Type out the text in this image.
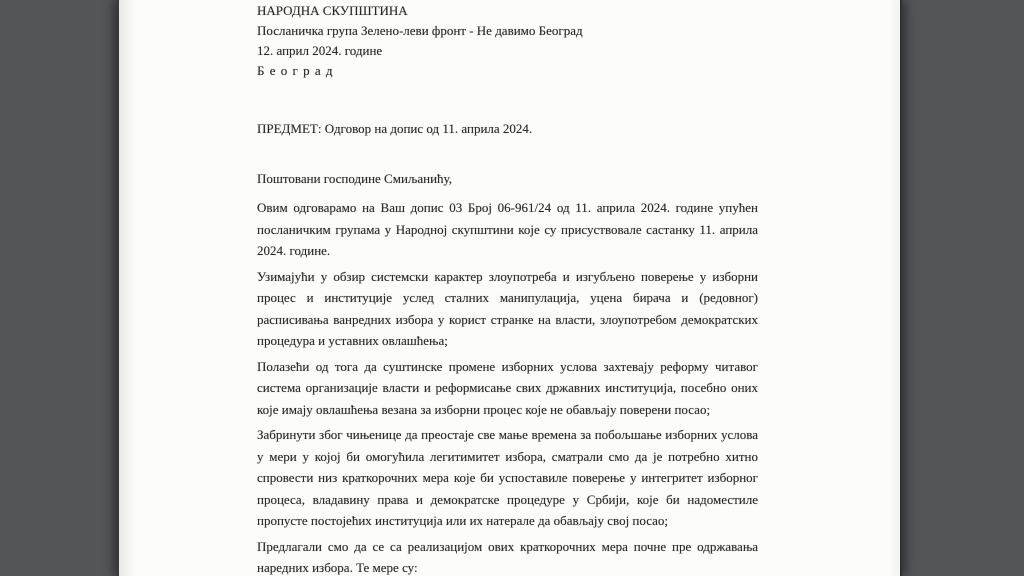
НАРОДНА СКУПШТИНА
Посланичка група Зелено-леви фронт - Не давимо Београд
12. април 2024. године
Б е о г р а д
ПРЕДМЕТ: Одговор на допис од 11. априла 2024.
Поштовани господине Смиљанићу,

Овим одговарамо на Ваш допис 03 Број 06-961/24 од 11. априла 2024. године упућен посланичким групама у Народној скупштини које су присуствовале састанку 11. априла 2024. године.

Узимајући у обзир системски карактер злоупотреба и изгубљено поверење у изборни процес и институције услед сталних манипулација, уцена бирача и (редовног) расписивања ванредних избора у корист странке на власти, злоупотребом демократских процедура и уставних овлашћења;

Полазећи од тога да суштинске промене изборних услова захтевају реформу читавог система организације власти и реформисање свих државних институција, посебно оних које имају овлашћења везана за изборни процес које не обављају поверени посао;

Забринути због чињенице да преостаје све мање времена за побољшање изборних услова у мери у којој би омогућила легитимитет избора, сматрали смо да је потребно хитно спровести низ краткорочних мера које би успоставиле поверење у интегритет изборног процеса, владавину права и демократске процедуре у Србији, које би надоместиле пропусте постојећих институција или их натерале да обављају свој посао;

Предлагали смо да се са реализацијом ових краткорочних мера почне пре одржавања наредних избора. Те мере су:
